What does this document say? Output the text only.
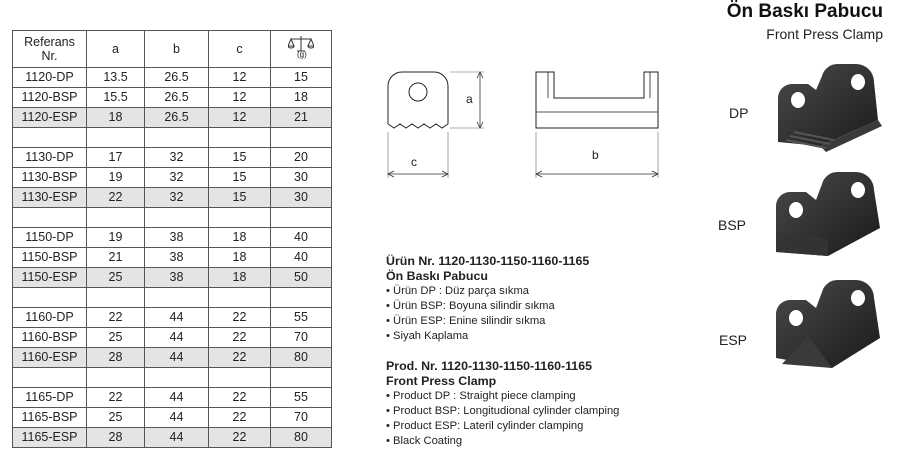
Ön Baskı Pabucu
Front Press Clamp
Referans
Nr.	a	b	c	(g)

1120-DP	13.5	26.5	12	15
1120-BSP	15.5	26.5	12	18
1120-ESP	18	26.5	12	21

1130-DP	17	32	15	20
1130-BSP	19	32	15	30
1130-ESP	22	32	15	30

1150-DP	19	38	18	40
1150-BSP	21	38	18	40
1150-ESP	25	38	18	50

1160-DP	22	44	22	55
1160-BSP	25	44	22	70
1160-ESP	28	44	22	80

1165-DP	22	44	22	55
1165-BSP	25	44	22	70
1165-ESP	28	44	22	80
a
c	b
Ürün Nr. 1120-1130-1150-1160-1165
Ön Baskı Pabucu
• Ürün DP : Düz parça sıkma
• Ürün BSP: Boyuna silindir sıkma
• Ürün ESP: Enine silindir sıkma
• Siyah Kaplama
Prod. Nr. 1120-1130-1150-1160-1165
Front Press Clamp
• Product DP : Straight piece clamping
• Product BSP: Longitudional cylinder clamping
• Product ESP: Lateril cylinder clamping
• Black Coating
DP
BSP
ESP
